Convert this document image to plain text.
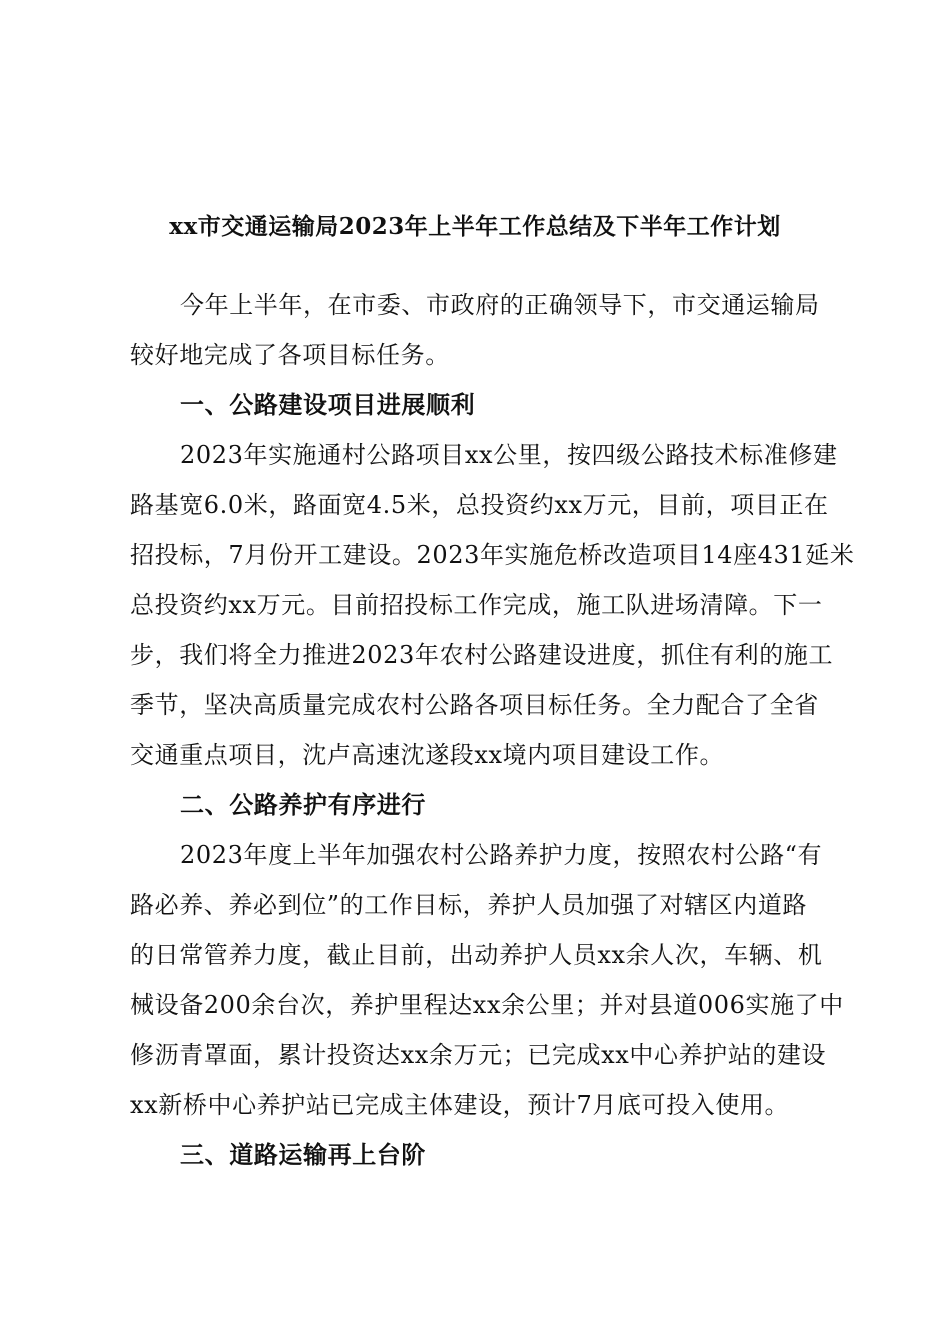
xx市交通运输局2023年上半年工作总结及下半年工作计划
今年上半年，在市委、市政府的正确领导下，市交通运输局
较好地完成了各项目标任务。
一、公路建设项目进展顺利
2023年实施通村公路项目xx公里，按四级公路技术标准修建
路基宽6.0米，路面宽4.5米，总投资约xx万元，目前，项目正在
招投标，7月份开工建设。2023年实施危桥改造项目14座431延米
总投资约xx万元。目前招投标工作完成，施工队进场清障。下一
步，我们将全力推进2023年农村公路建设进度，抓住有利的施工
季节，坚决高质量完成农村公路各项目标任务。全力配合了全省
交通重点项目，沈卢高速沈遂段xx境内项目建设工作。
二、公路养护有序进行
2023年度上半年加强农村公路养护力度，按照农村公路“有
路必养、养必到位”的工作目标，养护人员加强了对辖区内道路
的日常管养力度，截止目前，出动养护人员xx余人次，车辆、机
械设备200余台次，养护里程达xx余公里；并对县道006实施了中
修沥青罩面，累计投资达xx余万元；已完成xx中心养护站的建设
xx新桥中心养护站已完成主体建设，预计7月底可投入使用。
三、道路运输再上台阶
